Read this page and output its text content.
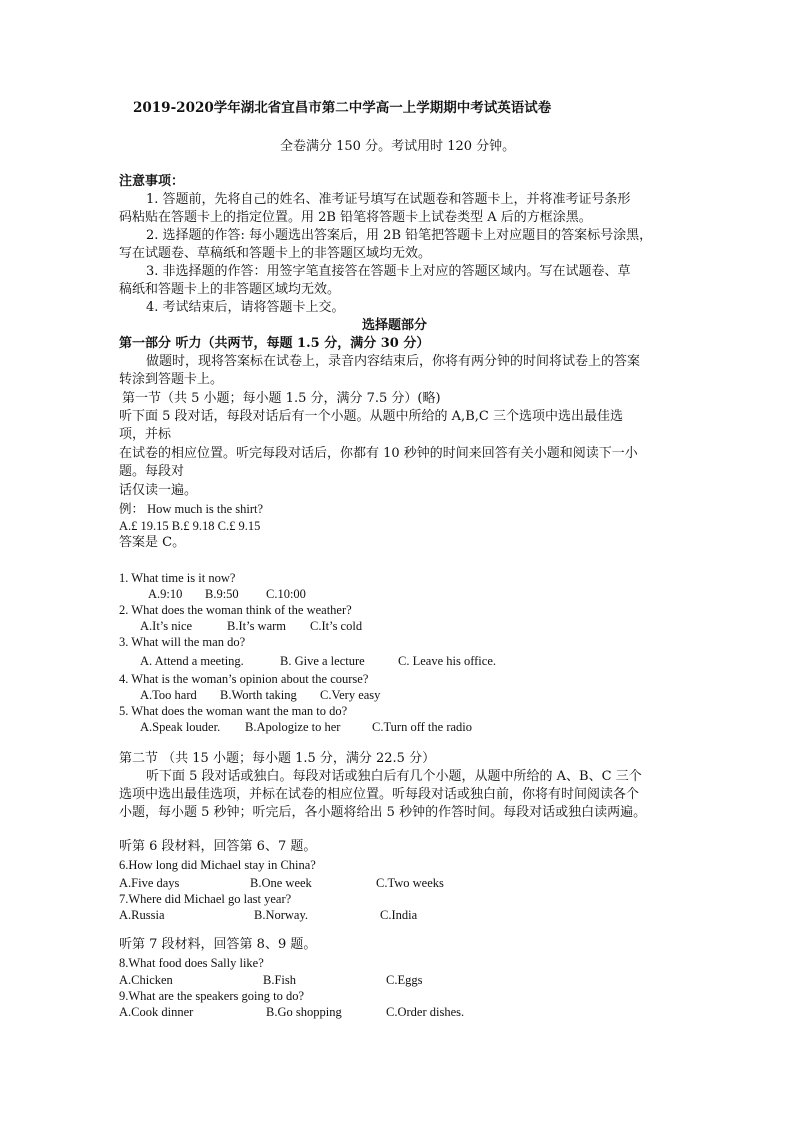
2019-2020学年湖北省宜昌市第二中学高一上学期期中考试英语试卷
全卷满分 150 分。考试用时 120 分钟。
注意事项：
1. 答题前，先将自己的姓名、准考证号填写在试题卷和答题卡上，并将准考证号条形
码粘贴在答题卡上的指定位置。用 2B 铅笔将答题卡上试卷类型 A 后的方框涂黑。
2. 选择题的作答: 每小题选出答案后，用 2B 铅笔把答题卡上对应题目的答案标号涂黑，
写在试题卷、草稿纸和答题卡上的非答题区域均无效。
3. 非选择题的作答：用签字笔直接答在答题卡上对应的答题区域内。写在试题卷、草
稿纸和答题卡上的非答题区域均无效。
4. 考试结束后，请将答题卡上交。
选择题部分
第一部分 听力（共两节，每题 1.5 分，满分 30 分）
做题时，现将答案标在试卷上，录音内容结束后，你将有两分钟的时间将试卷上的答案
转涂到答题卡上。
第一节（共 5 小题；每小题 1.5 分，满分 7.5 分）(略)
听下面 5 段对话，每段对话后有一个小题。从题中所给的 A,B,C 三个选项中选出最佳选
项，并标
在试卷的相应位置。听完每段对话后，你都有 10 秒钟的时间来回答有关小题和阅读下一小
题。每段对
话仅读一遍。
例： How much is the shirt?
A.£ 19.15 B.£ 9.18 C.£ 9.15
答案是 C。
1. What time is it now?
A.9:10 B.9:50 C.10:00
2. What does the woman think of the weather?
A.It’s nice	B.It’s warm C.It’s cold
3. What will the man do?
A. Attend a meeting.	B. Give a lecture	C. Leave his office.
4. What is the woman’s opinion about the course?
A.Too hard B.Worth taking C.Very easy
5. What does the woman want the man to do?
A.Speak louder. B.Apologize to her	C.Turn off the radio
第二节 （共 15 小题；每小题 1.5 分，满分 22.5 分）
听下面 5 段对话或独白。每段对话或独白后有几个小题，从题中所给的 A、B、C 三个
选项中选出最佳选项，并标在试卷的相应位置。听每段对话或独白前，你将有时间阅读各个
小题，每小题 5 秒钟；听完后，各小题将给出 5 秒钟的作答时间。每段对话或独白读两遍。
听第 6 段材料，回答第 6、7 题。
6.How long did Michael stay in China?
A.Five days	B.One week	C.Two weeks
7.Where did Michael go last year?
A.Russia	B.Norway.	C.India
听第 7 段材料，回答第 8、9 题。
8.What food does Sally like?
A.Chicken	B.Fish	C.Eggs
9.What are the speakers going to do?
A.Cook dinner	B.Go shopping	C.Order dishes.
